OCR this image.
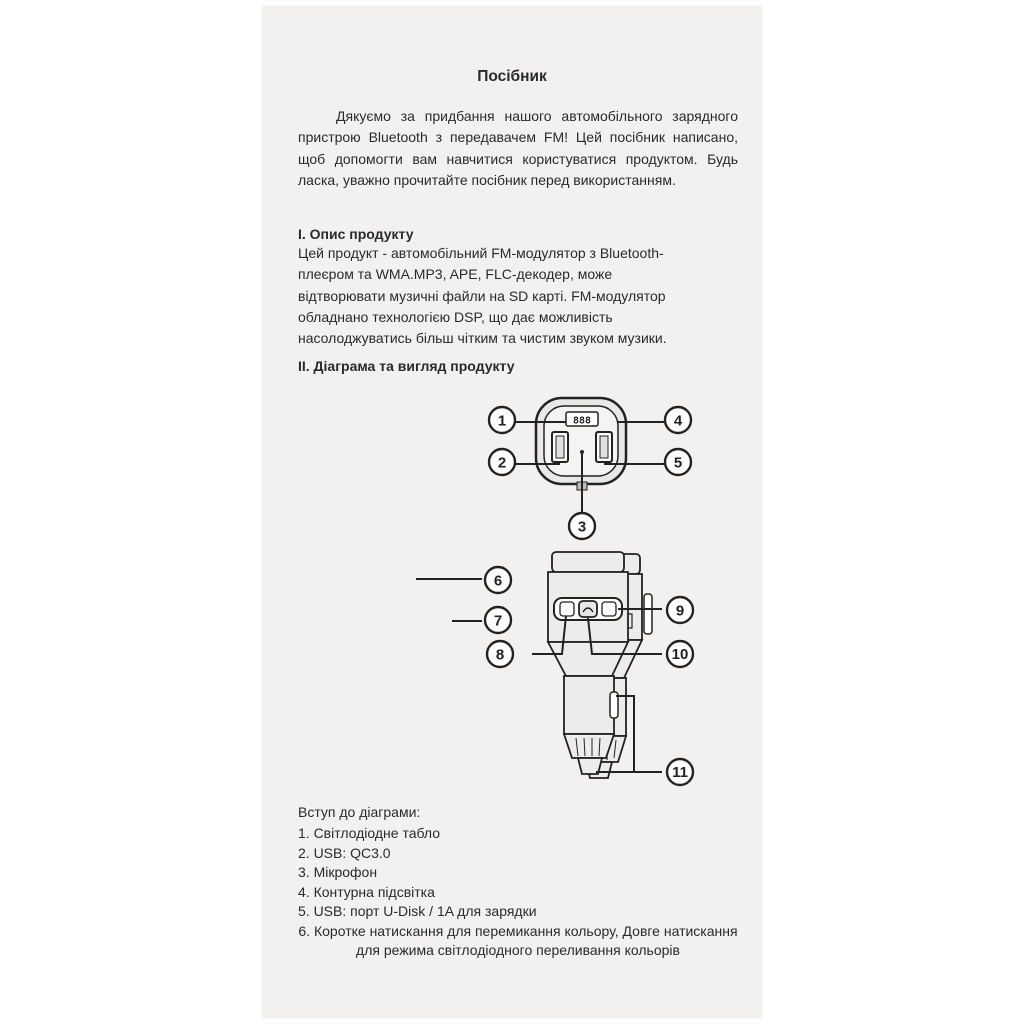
Посібник
Дякуємо за придбання нашого автомобільного зарядного пристрою Bluetooth з передавачем FM! Цей посібник написано, щоб допомогти вам навчитися користуватися продуктом. Будь ласка, уважно прочитайте посібник перед використанням.
I. Опис продукту
Цей продукт - автомобільний FM-модулятор з Bluetooth-
плеєром та WMA.MP3, APE, FLC-декодер, може
відтворювати музичні файли на SD карті. FM-модулятор
обладнано технологією DSP, що дає можливість
насолоджуватись більш чітким та чистим звуком музики.
II. Діаграма та вигляд продукту
888
1
2
3
4
5
6
7
8
9
10
11
Вступ до діаграми:
1. Світлодіодне табло
2. USB: QC3.0
3. Мікрофон
4. Контурна підсвітка
5. USB: порт U-Disk / 1A для зарядки
6. Коротке натискання для перемикання кольору, Довге натискання для режима світлодіодного переливання кольорів
